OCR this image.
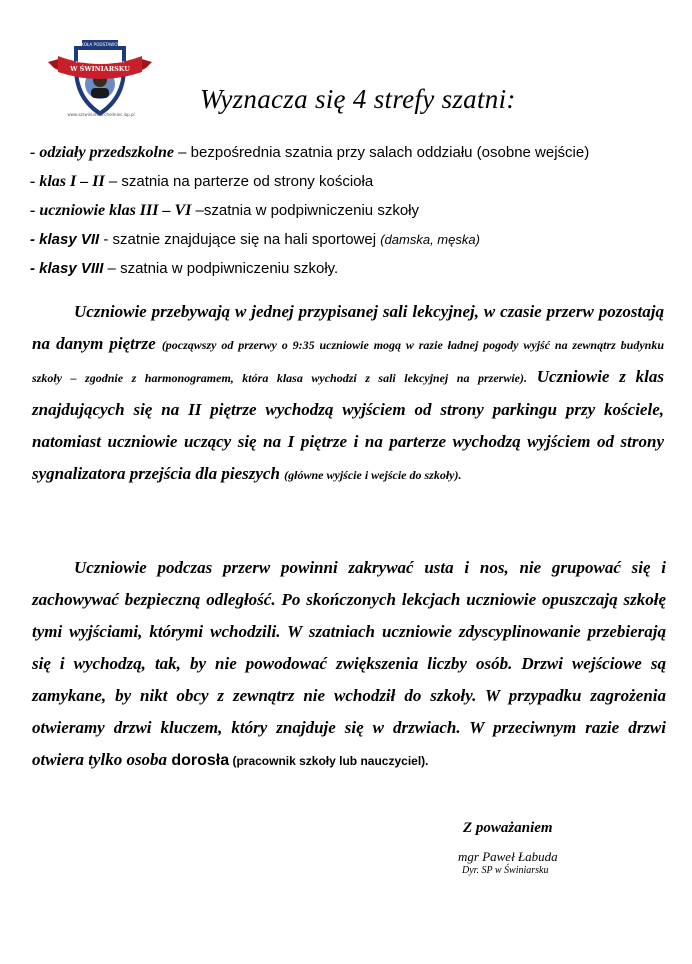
SZKOŁA PODSTAWOWA
im. bł. ks. J. Popiełuszki
W ŚWINIARSKU
www.szswiniarsko.chelmiec.iap.pl
Wyznacza się 4 strefy szatni:
- odziały przedszkolne – bezpośrednia szatnia przy salach oddziału (osobne wejście)
- klas I – II – szatnia na parterze od strony kościoła
- uczniowie klas III – VI –szatnia w podpiwniczeniu szkoły
- klasy VII - szatnie znajdujące się na hali sportowej (damska, męska)
- klasy VIII – szatnia w podpiwniczeniu szkoły.

Uczniowie przebywają w jednej przypisanej sali lekcyjnej, w czasie przerw pozostają na danym piętrze (począwszy od przerwy o 9:35 uczniowie mogą w razie ładnej pogody wyjść na zewnątrz budynku szkoły – zgodnie z harmonogramem, która klasa wychodzi z sali lekcyjnej na przerwie). Uczniowie z klas znajdujących się na II piętrze wychodzą wyjściem od strony parkingu przy kościele, natomiast uczniowie uczący się na I piętrze i na parterze wychodzą wyjściem od strony sygnalizatora przejścia dla pieszych (główne wyjście i wejście do szkoły).

Uczniowie podczas przerw powinni zakrywać usta i nos, nie grupować się i zachowywać bezpieczną odległość. Po skończonych lekcjach uczniowie opuszczają szkołę tymi wyjściami, którymi wchodzili. W szatniach uczniowie zdyscyplinowanie przebierają się i wychodzą, tak, by nie powodować zwiększenia liczby osób. Drzwi wejściowe są zamykane, by nikt obcy z zewnątrz nie wchodził do szkoły. W przypadku zagrożenia otwieramy drzwi kluczem, który znajduje się w drzwiach. W przeciwnym razie drzwi otwiera tylko osoba dorosła (pracownik szkoły lub nauczyciel).

Z poważaniem
mgr Paweł Łabuda
Dyr. SP w Świniarsku
